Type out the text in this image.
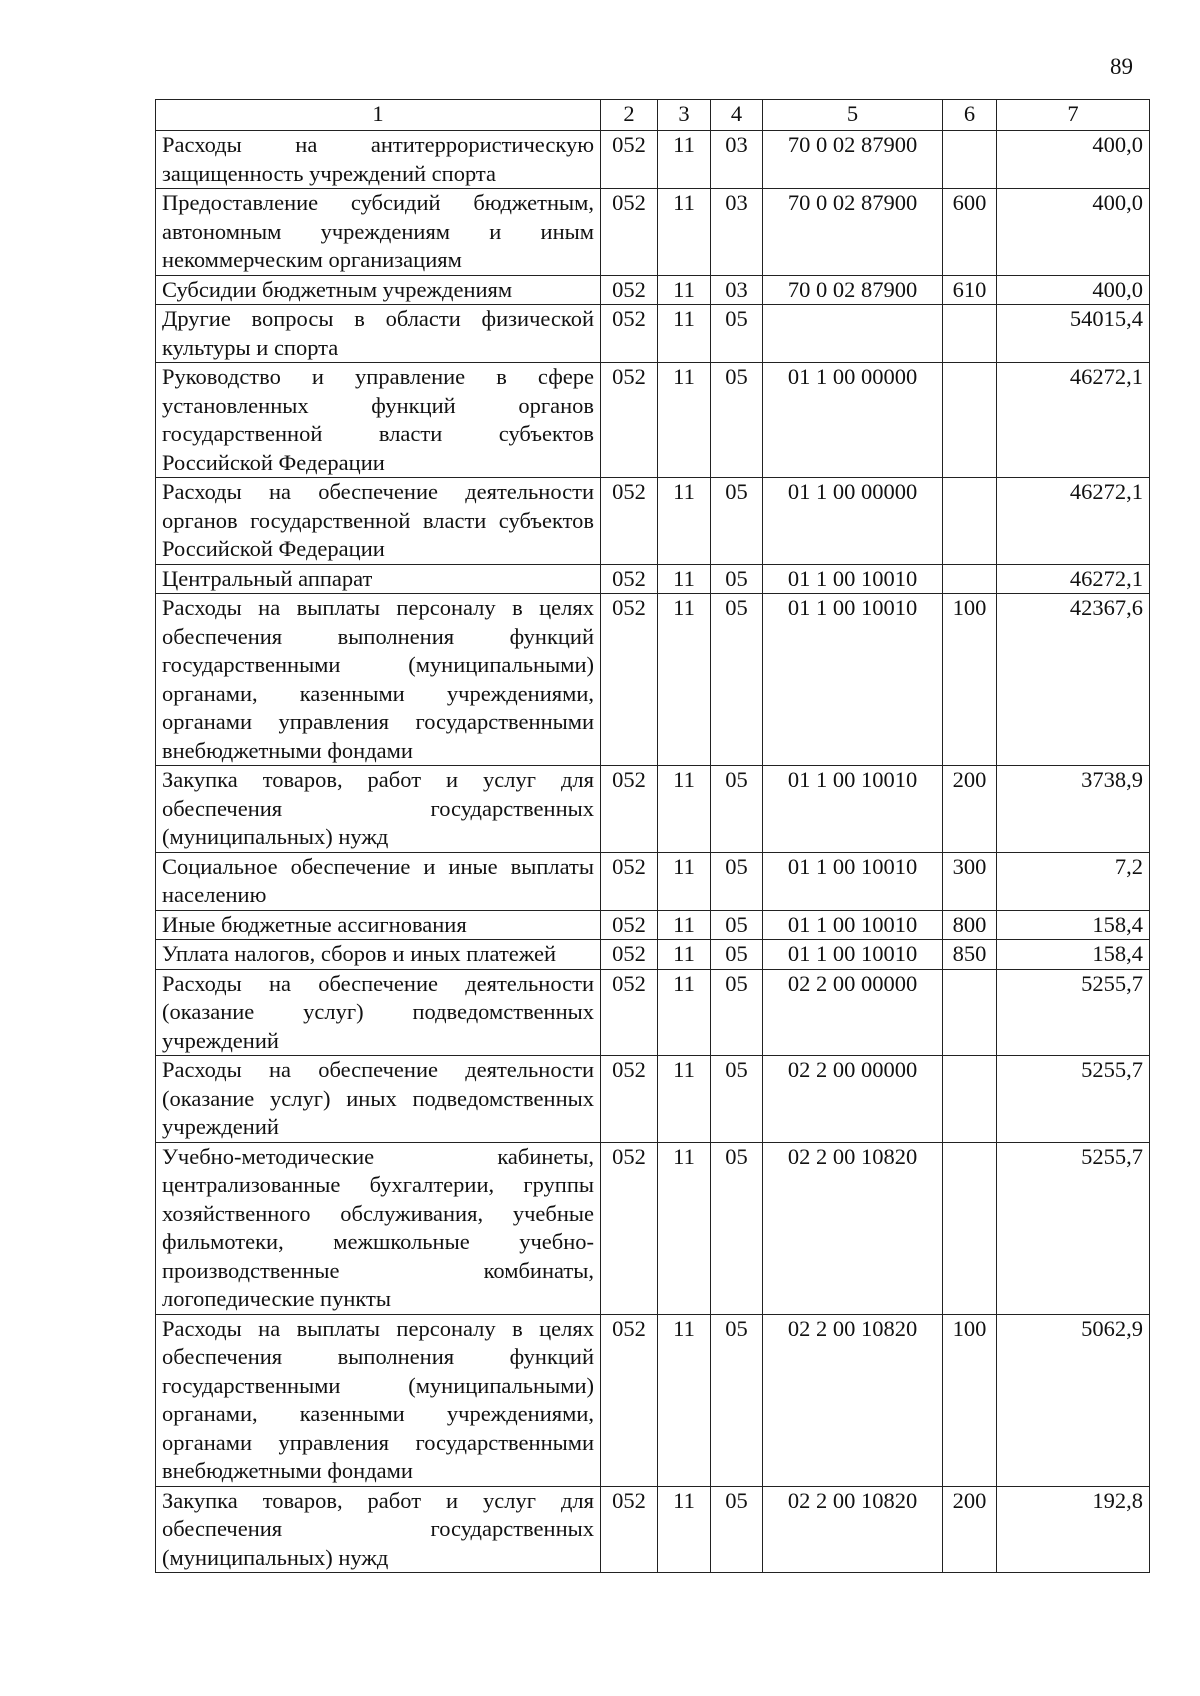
89
1	2	3	4	5	6	7
Расходы на антитеррористическую защищенность учреждений спорта	052	11	03	70 0 02 87900		400,0
Предоставление субсидий бюджетным, автономным учреждениям и иным некоммерческим организациям	052	11	03	70 0 02 87900	600	400,0
Субсидии бюджетным учреждениям	052	11	03	70 0 02 87900	610	400,0
Другие вопросы в области физической культуры и спорта	052	11	05			54015,4
Руководство и управление в сфере установленных функций органов государственной власти субъектов Российской Федерации	052	11	05	01 1 00 00000		46272,1
Расходы на обеспечение деятельности органов государственной власти субъектов Российской Федерации	052	11	05	01 1 00 00000		46272,1
Центральный аппарат	052	11	05	01 1 00 10010		46272,1
Расходы на выплаты персоналу в целях обеспечения выполнения функций государственными (муниципальными) органами, казенными учреждениями, органами управления государственными внебюджетными фондами	052	11	05	01 1 00 10010	100	42367,6
Закупка товаров, работ и услуг для обеспечения государственных (муниципальных) нужд	052	11	05	01 1 00 10010	200	3738,9
Социальное обеспечение и иные выплаты населению	052	11	05	01 1 00 10010	300	7,2
Иные бюджетные ассигнования	052	11	05	01 1 00 10010	800	158,4
Уплата налогов, сборов и иных платежей	052	11	05	01 1 00 10010	850	158,4
Расходы на обеспечение деятельности (оказание услуг) подведомственных учреждений	052	11	05	02 2 00 00000		5255,7
Расходы на обеспечение деятельности (оказание услуг) иных подведомственных учреждений	052	11	05	02 2 00 00000		5255,7
Учебно-методические кабинеты, централизованные бухгалтерии, группы хозяйственного обслуживания, учебные фильмотеки, межшкольные учебно-производственные комбинаты, логопедические пункты	052	11	05	02 2 00 10820		5255,7
Расходы на выплаты персоналу в целях обеспечения выполнения функций государственными (муниципальными) органами, казенными учреждениями, органами управления государственными внебюджетными фондами	052	11	05	02 2 00 10820	100	5062,9
Закупка товаров, работ и услуг для обеспечения государственных (муниципальных) нужд	052	11	05	02 2 00 10820	200	192,8
